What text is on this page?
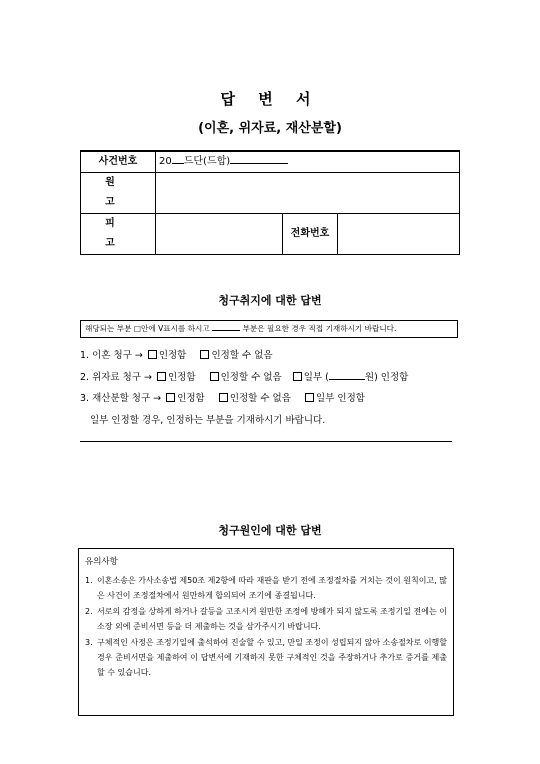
답 변 서
(이혼, 위자료, 재산분할)
사건번호	20 드단(드합)		
원 고			
피 고		전화번호	
청구취지에 대한 답변
해당되는 부분 □안에 V표시를 하시고	부분은 필요한 경우 직접 기재하시기 바랍니다.
1. 이혼 청구 → 인정함	인정할 수 없음
2. 위자료 청구 → 인정함	인정할 수 없음 일부 (	원) 인정함
3. 재산분할 청구 → 인정함	인정할 수 없음	일부 인정함
일부 인정할 경우, 인정하는 부분을 기재하시기 바랍니다.
청구원인에 대한 답변
유의사항
1. 이혼소송은 가사소송법 제50조 제2항에 따라 재판을 받기 전에 조정절차를 거치는 것이 원칙이고, 많은 사건이 조정절차에서 원만하게 합의되어 조기에 종결됩니다.
2. 서로의 감정을 상하게 하거나 갈등을 고조시켜 원만한 조정에 방해가 되지 않도록 조정기일 전에는 이 소장 외에 준비서면 등을 더 제출하는 것을 삼가주시기 바랍니다.
3. 구체적인 사정은 조정기일에 출석하여 진술할 수 있고, 만일 조정이 성립되지 않아 소송절차로 이행할 경우 준비서면을 제출하여 이 답변서에 기재하지 못한 구체적인 것을 주장하거나 추가로 증거를 제출할 수 있습니다.
